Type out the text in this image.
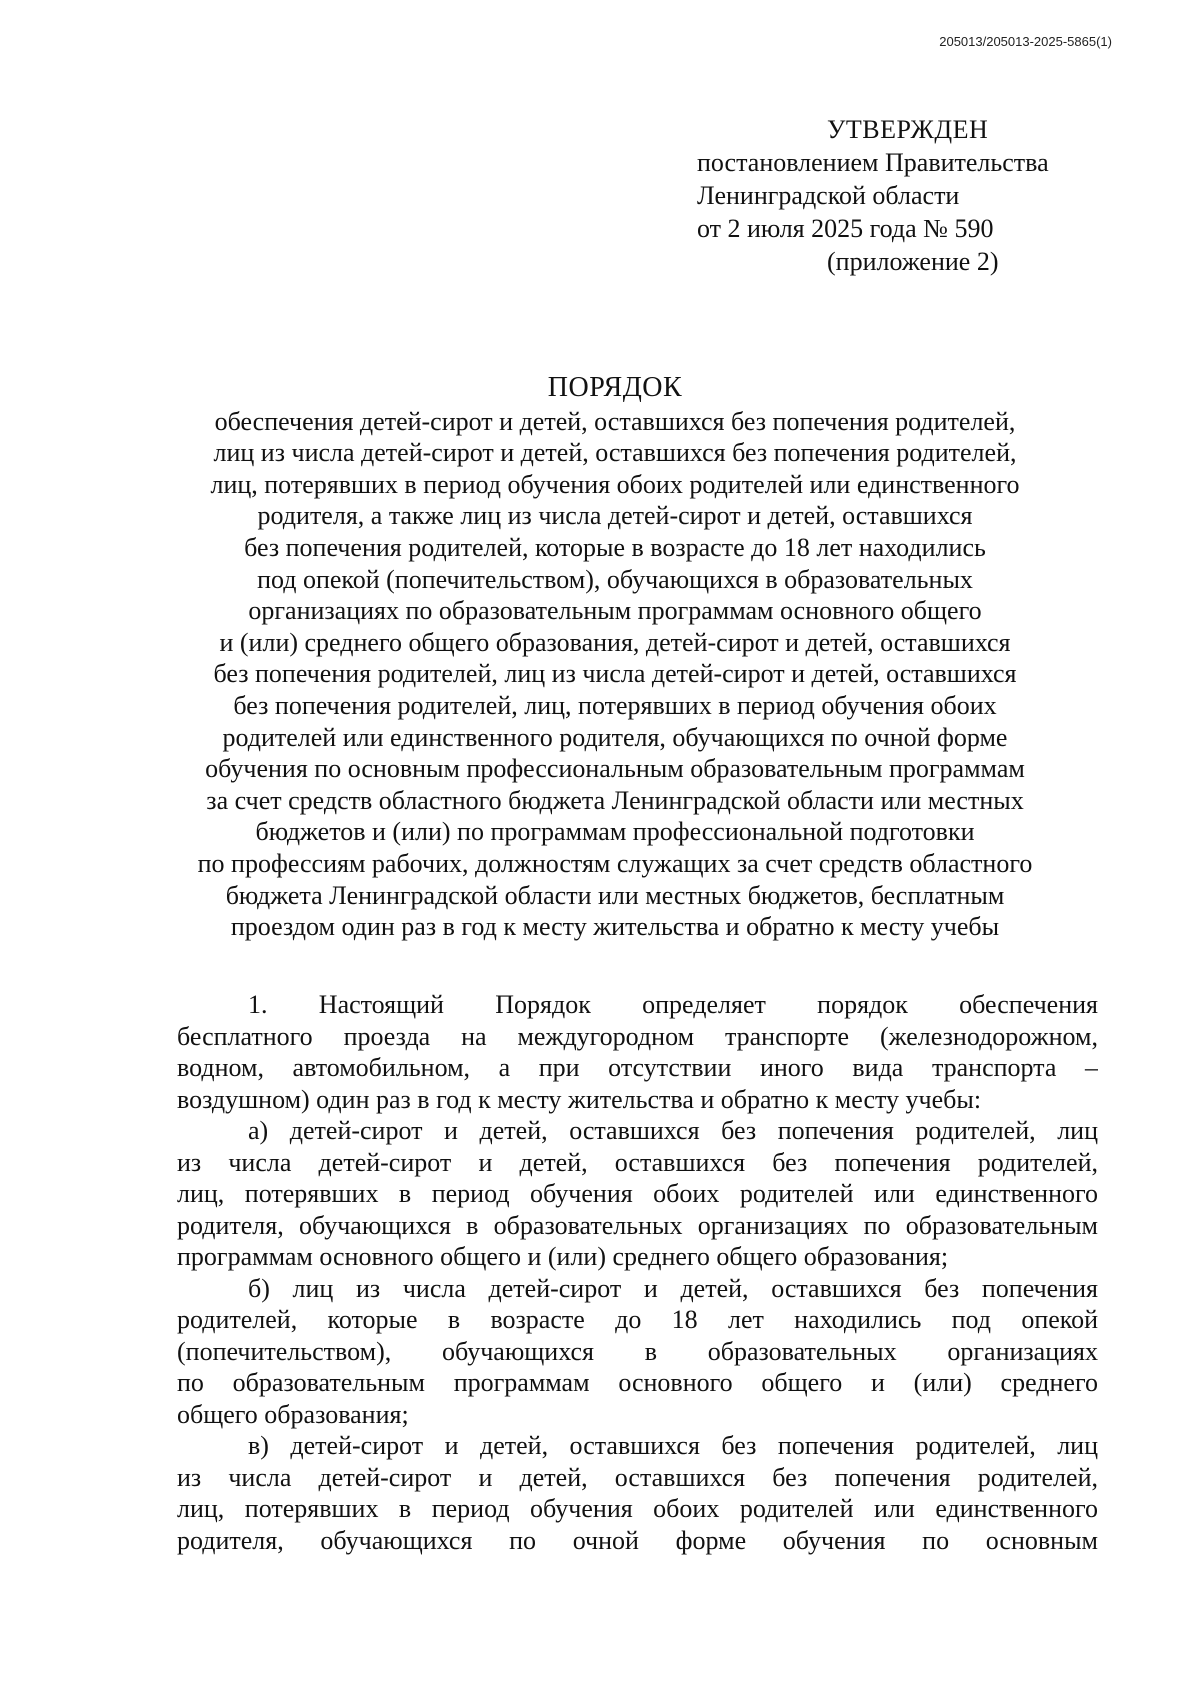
205013/205013-2025-5865(1)

УТВЕРЖДЕН
постановлением Правительства
Ленинградской области
от 2 июля 2025 года № 590
(приложение 2)
ПОРЯДОК
обеспечения детей-сирот и детей, оставшихся без попечения родителей,
лиц из числа детей-сирот и детей, оставшихся без попечения родителей,
лиц, потерявших в период обучения обоих родителей или единственного
родителя, а также лиц из числа детей-сирот и детей, оставшихся
без попечения родителей, которые в возрасте до 18 лет находились
под опекой (попечительством), обучающихся в образовательных
организациях по образовательным программам основного общего
и (или) среднего общего образования, детей-сирот и детей, оставшихся
без попечения родителей, лиц из числа детей-сирот и детей, оставшихся
без попечения родителей, лиц, потерявших в период обучения обоих
родителей или единственного родителя, обучающихся по очной форме
обучения по основным профессиональным образовательным программам
за счет средств областного бюджета Ленинградской области или местных
бюджетов и (или) по программам профессиональной подготовки
по профессиям рабочих, должностям служащих за счет средств областного
бюджета Ленинградской области или местных бюджетов, бесплатным
проездом один раз в год к месту жительства и обратно к месту учебы
1. Настоящий Порядок определяет порядок обеспечения
бесплатного проезда на междугородном транспорте (железнодорожном,
водном, автомобильном, а при отсутствии иного вида транспорта –
воздушном) один раз в год к месту жительства и обратно к месту учебы:
а) детей-сирот и детей, оставшихся без попечения родителей, лиц
из числа детей-сирот и детей, оставшихся без попечения родителей,
лиц, потерявших в период обучения обоих родителей или единственного
родителя, обучающихся в образовательных организациях по образовательным
программам основного общего и (или) среднего общего образования;
б) лиц из числа детей-сирот и детей, оставшихся без попечения
родителей, которые в возрасте до 18 лет находились под опекой
(попечительством), обучающихся в образовательных организациях
по образовательным программам основного общего и (или) среднего
общего образования;
в) детей-сирот и детей, оставшихся без попечения родителей, лиц
из числа детей-сирот и детей, оставшихся без попечения родителей,
лиц, потерявших в период обучения обоих родителей или единственного
родителя, обучающихся по очной форме обучения по основным
